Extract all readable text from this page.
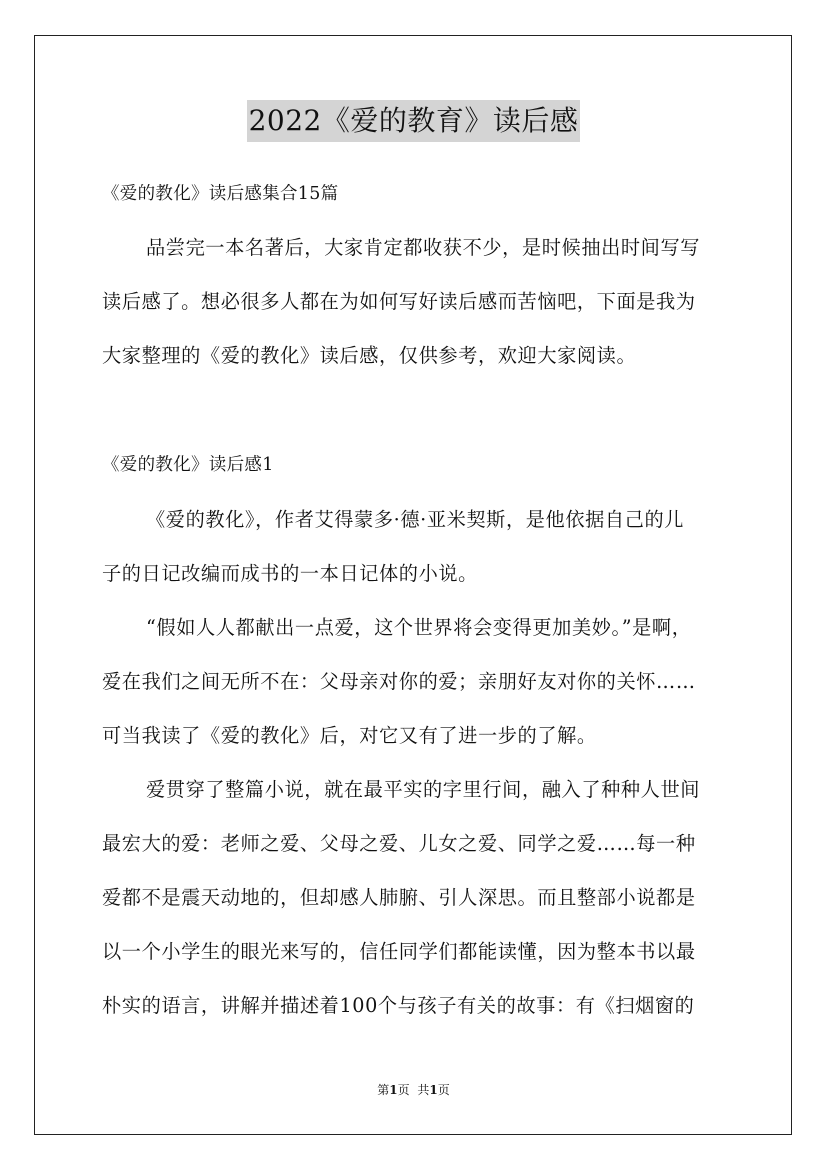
2022《爱的教育》读后感
《爱的教化》读后感集合15篇
品尝完一本名著后，大家肯定都收获不少，是时候抽出时间写写
读后感了。想必很多人都在为如何写好读后感而苦恼吧，下面是我为
大家整理的《爱的教化》读后感，仅供参考，欢迎大家阅读。
《爱的教化》读后感1
《爱的教化》，作者艾得蒙多·德·亚米契斯，是他依据自己的儿
子的日记改编而成书的一本日记体的小说。
“假如人人都献出一点爱，这个世界将会变得更加美妙。”是啊，
爱在我们之间无所不在：父母亲对你的爱；亲朋好友对你的关怀……
可当我读了《爱的教化》后，对它又有了进一步的了解。
爱贯穿了整篇小说，就在最平实的字里行间，融入了种种人世间
最宏大的爱：老师之爱、父母之爱、儿女之爱、同学之爱……每一种
爱都不是震天动地的，但却感人肺腑、引人深思。而且整部小说都是
以一个小学生的眼光来写的，信任同学们都能读懂，因为整本书以最
朴实的语言，讲解并描述着100个与孩子有关的故事：有《扫烟窗的
第1页 共1页
